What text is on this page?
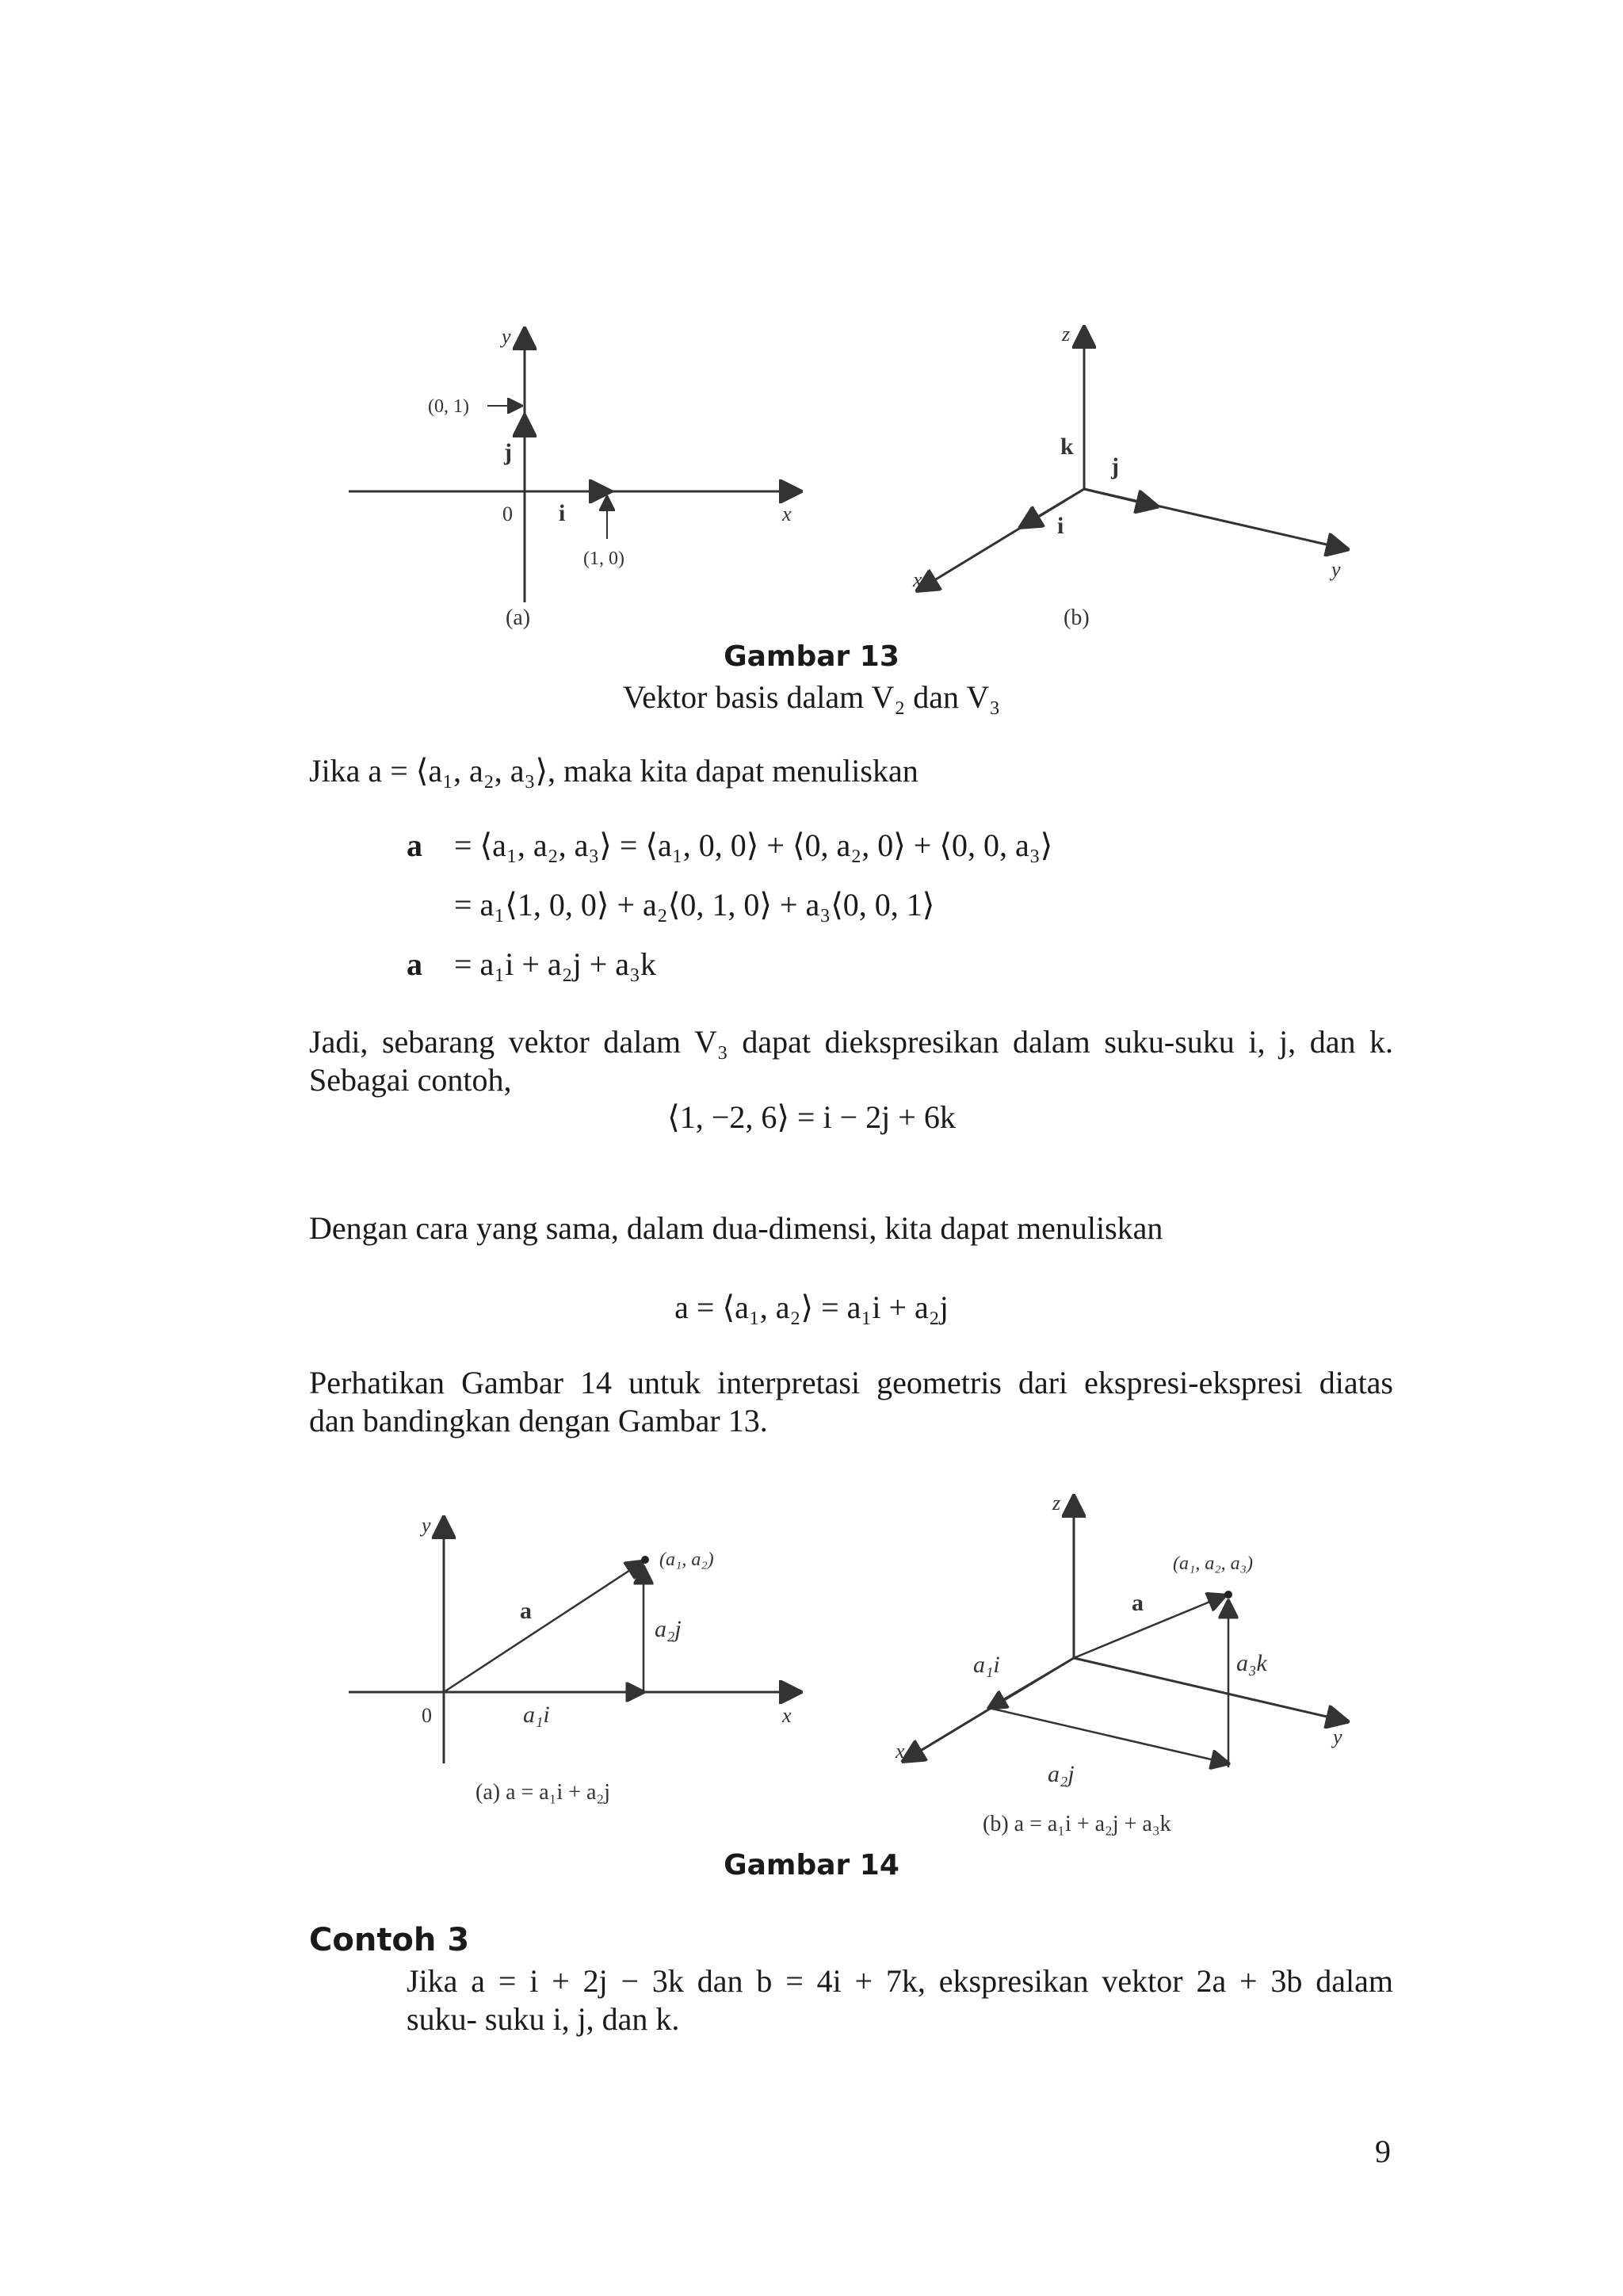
y
x
0
j
i
(0, 1)
(1, 0)
(a)
z
y
x
k
j
i
(b)
Gambar 13
Vektor basis dalam V₂ dan V₃
Jika a = ⟨a₁, a₂, a₃⟩, maka kita dapat menuliskan
a = ⟨a₁, a₂, a₃⟩ = ⟨a₁, 0, 0⟩ + ⟨0, a₂, 0⟩ + ⟨0, 0, a₃⟩
= a₁⟨1, 0, 0⟩ + a₂⟨0, 1, 0⟩ + a₃⟨0, 0, 1⟩
a = a₁i + a₂j + a₃k
Jadi, sebarang vektor dalam V₃ dapat diekspresikan dalam suku-suku i, j, dan k.
Sebagai contoh,
⟨1, −2, 6⟩ = i − 2j + 6k
Dengan cara yang sama, dalam dua-dimensi, kita dapat menuliskan
a = ⟨a₁, a₂⟩ = a₁i + a₂j
Perhatikan Gambar 14 untuk interpretasi geometris dari ekspresi-ekspresi diatas
dan bandingkan dengan Gambar 13.
y
x
0
(a₁, a₂)
a
a₂j
a₁i
(a) a = a₁i + a₂j
z
y
x
(a₁, a₂, a₃)
a
a₁i	a₃k
a₂j
(b) a = a₁i + a₂j + a₃k
Gambar 14
Contoh 3
Jika a = i + 2j − 3k dan b = 4i + 7k, ekspresikan vektor 2a + 3b dalam
suku- suku i, j, dan k.
9
